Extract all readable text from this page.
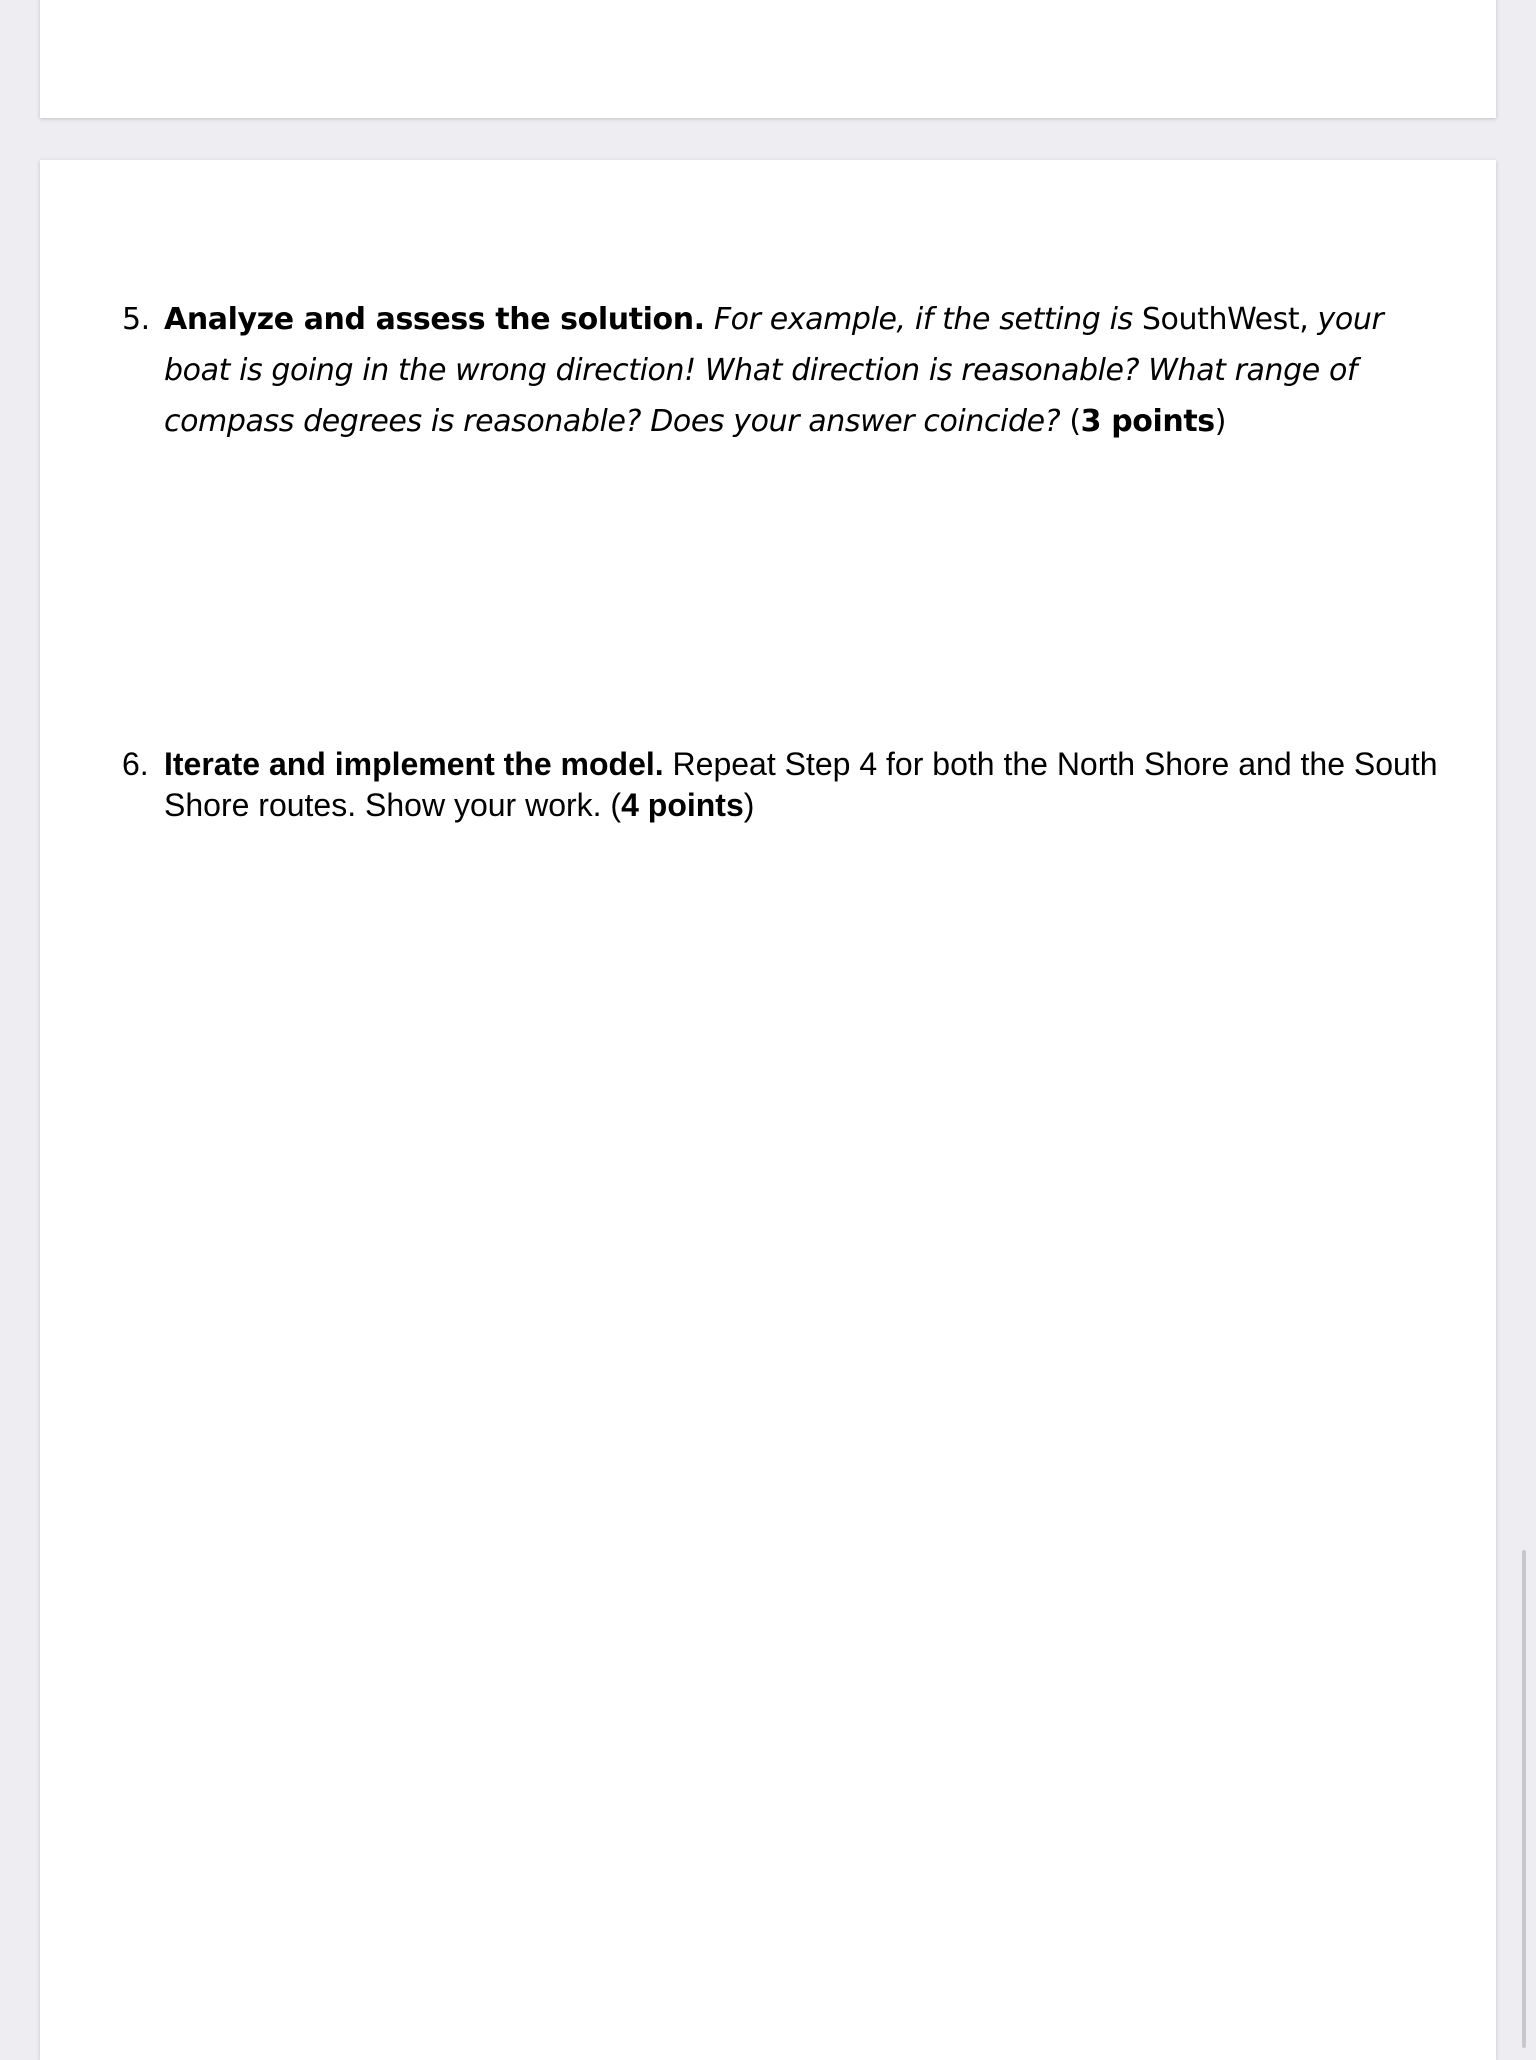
5. Analyze and assess the solution. For example, if the setting is SouthWest, your boat is going in the wrong direction! What direction is reasonable? What range of compass degrees is reasonable? Does your answer coincide? (3 points)
6. Iterate and implement the model. Repeat Step 4 for both the North Shore and the South Shore routes. Show your work. (4 points)
